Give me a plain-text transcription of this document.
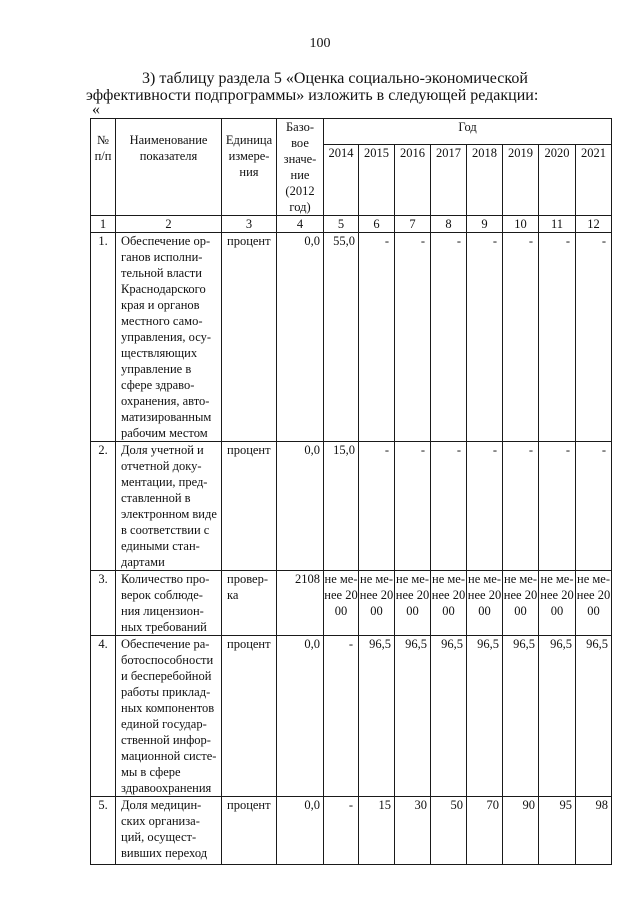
100
3) таблицу раздела 5 «Оценка социально-экономической эффективности подпрограммы» изложить в следующей редакции:
«
№ п/п	Наименование показателя	Единица измере- ния	Базо- вое значе- ние (2012 год)	Год							
				2014	2015	2016	2017	2018	2019	2020	2021
1	2	3	4	5	6	7	8	9	10	11	12
1.	Обеспечение ор- ганов исполни- тельной власти Краснодарского края и органов местного само- управления, осу- ществляющих управление в сфере здраво- охранения, авто- матизированным рабочим местом	процент	0,0	55,0	-	-	-	-	-	-	-
2.	Доля учетной и отчетной доку- ментации, пред- ставленной в электронном виде в соответствии с едиными стан- дартами	процент	0,0	15,0	-	-	-	-	-	-	-
3.	Количество про- верок соблюде- ния лицензион- ных требований	провер- ка	2108	не ме- нее 2000	не ме- нее 2000	не ме- нее 2000	не ме- нее 2000	не ме- нее 2000	не ме- нее 2000	не ме- нее 2000	не ме- нее 2000
4.	Обеспечение ра- ботоспособности и бесперебойной работы приклад- ных компонентов единой государ- ственной инфор- мационной систе- мы в сфере здравоохранения	процент	0,0	-	96,5	96,5	96,5	96,5	96,5	96,5	96,5
5.	Доля медицин- ских организа- ций, осущест- вивших переход	процент	0,0	-	15	30	50	70	90	95	98
